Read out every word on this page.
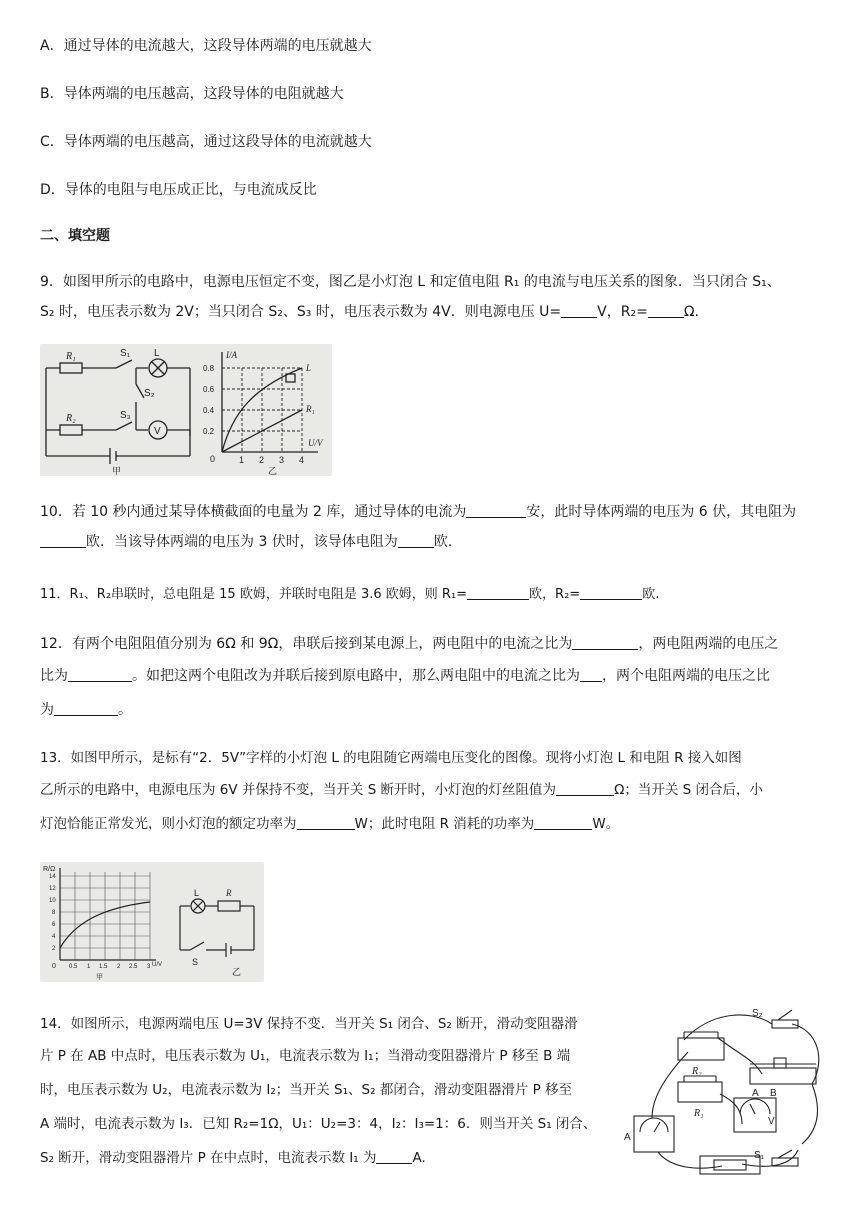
A．通过导体的电流越大，这段导体两端的电压就越大
B．导体两端的电压越高，这段导体的电阻就越大
C．导体两端的电压越高，通过这段导体的电流就越大
D．导体的电阻与电压成正比，与电流成反比
二、填空题
9．如图甲所示的电路中，电源电压恒定不变，图乙是小灯泡 L 和定值电阻 R₁ 的电流与电压关系的图象．当只闭合 S₁、
S₂ 时，电压表示数为 2V；当只闭合 S₂、S₃ 时，电压表示数为 4V．则电源电压 U=	V，R₂=	Ω.
R₁
R₂
S₁
S₂
S₃
L
V
甲
I/A
U/V
0
0.8
0.6
0.4
0.2
1 2 3 4
L
R₁
乙
10．若 10 秒内通过某导体横截面的电量为 2 库，通过导体的电流为	安，此时导体两端的电压为 6 伏，其电阻为
欧．当该导体两端的电压为 3 伏时，该导体电阻为	欧.
11．R₁、R₂串联时，总电阻是 15 欧姆，并联时电阻是 3.6 欧姆，则 R₁=	欧，R₂=	欧.
12．有两个电阻阻值分别为 6Ω 和 9Ω，串联后接到某电源上，两电阻中的电流之比为	，两电阻两端的电压之
比为	。如把这两个电阻改为并联后接到原电路中，那么两电阻中的电流之比为 ，两个电阻两端的电压之比
为	。
13．如图甲所示，是标有“2．5V”字样的小灯泡 L 的电阻随它两端电压变化的图像。现将小灯泡 L 和电阻 R 接入如图
乙所示的电路中，电源电压为 6V 并保持不变，当开关 S 断开时，小灯泡的灯丝阻值为	Ω；当开关 S 闭合后，小
灯泡恰能正常发光，则小灯泡的额定功率为	W；此时电阻 R 消耗的功率为	W。
R/Ω
14
12
10
8
6
4
2
0 0.5 1 1.5 2 2.5 3 U/V
甲
L	R
S
乙
14．如图所示，电源两端电压 U=3V 保持不变．当开关 S₁ 闭合、S₂ 断开，滑动变阻器滑
片 P 在 AB 中点时，电压表示数为 U₁，电流表示数为 I₁；当滑动变阻器滑片 P 移至 B 端
时，电压表示数为 U₂，电流表示数为 I₂；当开关 S₁、S₂ 都闭合，滑动变阻器滑片 P 移至
A 端时，电流表示数为 I₃．已知 R₂=1Ω，U₁：U₂=3：4，I₂：I₃=1：6．则当开关 S₁ 闭合、
S₂ 断开，滑动变阻器滑片 P 在中点时，电流表示数 I₁ 为	A.
S₂
R₂
R₁
A B
V
A
S₁
